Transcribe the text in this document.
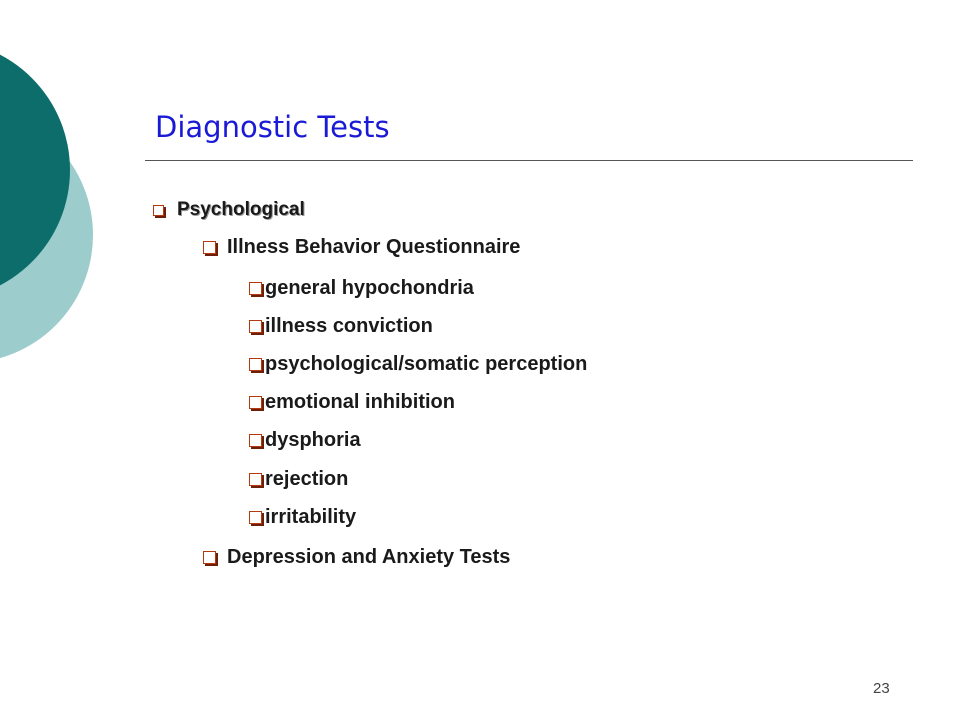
Diagnostic Tests
Psychological
Illness Behavior Questionnaire
general hypochondria
illness conviction
psychological/somatic perception
emotional inhibition
dysphoria
rejection
irritability
Depression and Anxiety Tests
23
